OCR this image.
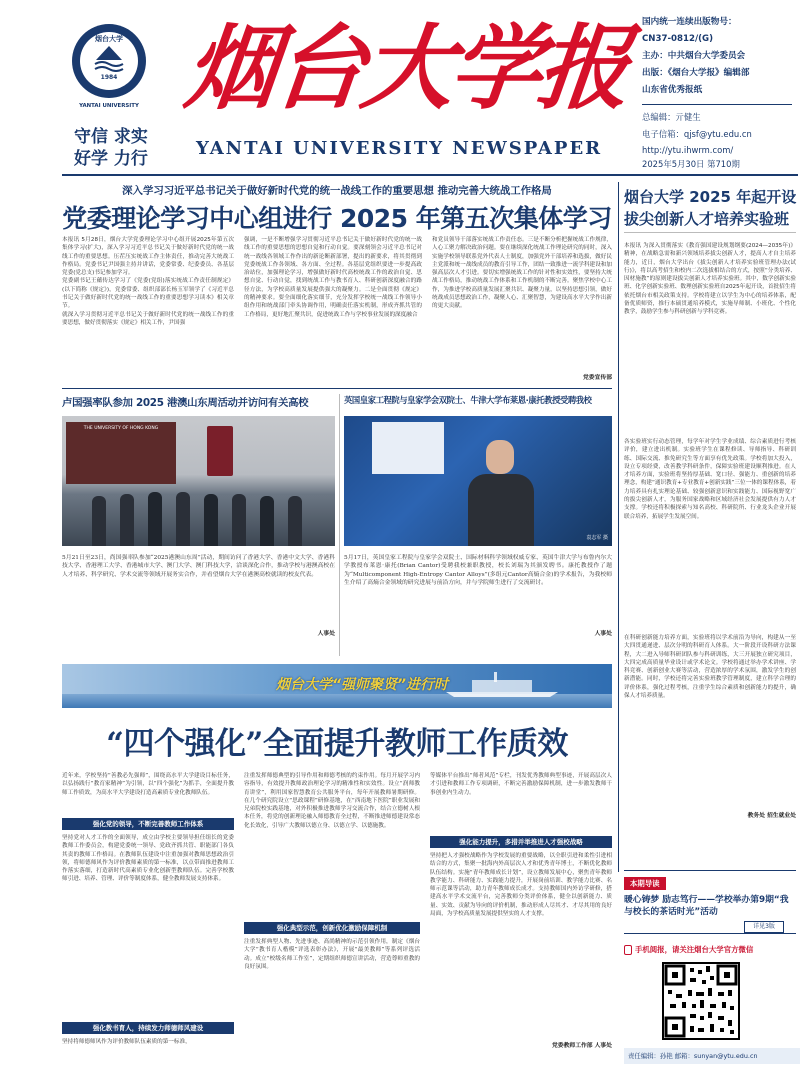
烟台大学
1984
YANTAI UNIVERSITY
守信 求实
好学 力行
烟台大学报
YANTAI UNIVERSITY NEWSPAPER
国内统一连续出版物号：
CN37-0812/(G)
主办：中共烟台大学委员会
出版：《烟台大学报》编辑部
山东省优秀报纸
总编辑：亓健生
电子信箱：qjsf@ytu.edu.cn
http://ytu.ihwrm.com/
2025年5月30日 第710期
深入学习习近平总书记关于做好新时代党的统一战线工作的重要思想 推动完善大统战工作格局
党委理论学习中心组进行 2025 年第五次集体学习
本报讯 5月28日，烟台大学党委理论学习中心组开展2025年第五次集体学习(扩大)，深入学习习近平总书记关于做好新时代党的统一战线工作的重要思想。压茬压实统战工作主体责任，推动完善大统战工作格局。党委书记尹国强主持并讲话，党委常委、纪委委员、各基层党委(党总支)书记参加学习。
党委副书记王蘊传达学习了《党委(党组)落实统战工作责任制规定》(以下简称《规定》)，党委常委、组织部部长杨玉军领学了《习近平总书记关于做好新时代党的统一战线工作的重要思想学习读本》相关章节。
就深入学习贯彻习近平总书记关于做好新时代党的统一战线工作的重要思想，做好贯彻落实《规定》相关工作，尹国强
强调，一是不断增强学习贯彻习近平总书记关于做好新时代党的统一战线工作的重要思想的思想自觉和行动自觉。要深刻领会习近平总书记对统一战线各领域工作作出的新论断新部署，提出的新要求，将其贯彻到党委统战工作各领域、各方面、全过程。各基层党组织要进一步提高政治站位，加强理论学习，增强做好新时代高校统战工作的政治自觉、思想自觉、行动自觉，找到统战工作与教书育人、科研创新深度融合的路径方法，为学校高质量发展提供强大的凝聚力。二是全面贯彻《规定》的精神要求。要全面细化落实细节，充分发挥学校统一战线工作领导小组作用和统战部门牵头协调作用，明确责任落实机制，形成齐抓共管的工作格局，更好地汇聚共识，促进统战工作与学校事业发展的深度融合
和党员领导干部落实统战工作责任态。三是不断分析把握统战工作规律，人心工聚力解决政治问题。要在继续深化统战工作理论研究的同时，深入实施学校领导联系党外代表人士制度，加强党外干部培养和选拔，做好民主党派和统一战线成员的教育引导工作，团结一致推进一流学科建设和加强高层次人才引进。要切实增强统战工作的针对性和实效性，要坚持大统战工作格局，推动统战工作体系和工作机制的不断完善。聚焦学校中心工作，为推进学校高质量发展汇聚共识、凝聚力量，以坚持思想引领，做好统战成员思想政治工作，凝聚人心、汇聚智慧，为建设高水平大学作出新的更大贡献。
党委宣传部
烟台大学 2025 年起开设
拔尖创新人才培养实验班
本报讯 为深入贯彻落实《教育强国建设规划纲要(2024—2035年)》精神，在战略急需和新兴领域培养拔尖创新人才，提高人才自主培养能力，近日，烟台大学出台《拔尖创新人才培养实验班管理办法(试行)》，将以高考招生和校内二次选拔相结合的方式，按照“分类培养、因材施教”的原则建设拔尖创新人才培养实验班。其中，数学创新实验班、化学创新实验班、数理创新实验班自2025年起开设，首批招生将依托烟台市相关政策支持。学校将建立以学生为中心的培养体系，配备优质师资，推行本硕贯通培养模式，实施导师制、小班化、个性化教学，鼓励学生参与科研创新与学科竞赛。
各实验班实行动态管理，每学年对学生学业成绩、综合素质进行考核评价，建立进出机制。实验班学生在课程修读、导师指导、科研训练、国际交流、推免研究生等方面享有优先政策。学校将加大投入，设立专项经费，改善教学科研条件，保障实验班建设顺利推进。在人才培养方面，实验班将坚持厚基础、宽口径、强能力、重创新的培养理念，构建“通识教育+专业教育+创新实践”三位一体的课程体系，着力培养具有扎实理论基础、较强创新意识和实践能力、国际视野宽广的拔尖创新人才，为服务国家战略和区域经济社会发展提供有力人才支撑。学校还将积极探索与知名高校、科研院所、行业龙头企业开展联合培养，拓展学生发展空间。
在科研创新能力培养方面，实验班将以学术前沿为导向，构建从一至大四贯通递进、层次分明的科研育人体系。大一阶段开设科研方法课程，大二进入导师科研团队参与科研训练，大三开展独立研究项目，大四完成高质量毕业设计或学术论文。学校将通过举办学术讲座、学科竞赛、创新创业大赛等活动，营造浓厚的学术氛围，激发学生的创新潜能。同时，学校还将完善实验班教学管理制度，建立科学合理的评价体系，强化过程考核，注重学生综合素质和创新能力的提升，确保人才培养质量。
教务处 招生就业处
卢国强率队参加 2025 港澳山东周活动并访问有关高校
THE UNIVERSITY OF HONG KONG
5月21日至23日，尚国强率队参加“2025港澳山东周”活动，期间访问了香港大学、香港中文大学、香港科技大学、香港理工大学、香港城市大学、澳门大学、澳门科技大学，洽谈深化合作，推动学校与港澳高校在人才培养、科学研究、学术交流等领域开展务实合作，并看望烟台大学在港澳高校就读的校友代表。
人事处
英国皇家工程院与皇家学会双院士、牛津大学布莱恩·康托教授受聘我校
袁志军 摄
5月17日，英国皇家工程院与皇家学会双院士、国际材料科学领域权威专家、英国牛津大学与布鲁内尔大学教授布莱恩·康托(Brian Cantor)受聘我校兼职教授，校长刘瑞为其颁发聘书。康托教授作了题为“Multicomponent High-Entropy Cantor Alloys”(多组元Cantor高熵合金)的学术报告，为我校师生介绍了高熵合金领域的研究进展与前沿方向，并与学院师生进行了交流研讨。
人事处
烟台大学“强师聚贤”进行时
“四个强化”全面提升教师工作质效
近年来，学校坚持“善教必先强师”，围绕高水平大学建设目标任务，以弘扬践行“教育家精神”为引领，以“四个强化”为抓手，全面提升教师工作质效，为高水平大学建设打造高素质专业化教师队伍。
强化党的领导，不断完善教师工作体系
坚持党对人才工作的全面领导，成立由学校主要领导担任组长的党委教师工作委员会，构建党委统一领导、党政齐抓共管、职能部门各负其责的教师工作格局。在教师队伍建设中注重加强对教师思想政治引领，将师德师风作为评价教师素质的第一标准，以点带面推进教师工作落实落细，打造新时代高素质专业化创新型教师队伍。完善学校教师引进、培养、管理、评价等制度体系，健全教师发展支持体系。
强化教书育人，持续发力师德师风建设
坚持将师德师风作为评价教师队伍素质的第一标准，
注重发挥师德典型的引导作用和师德考核的约束作用。每月开展学习内容指导，有效提升教师政治理论学习的精准性和实效性。设立“润师教育讲堂”，利用国家智慧教育公共服务平台，每年开展教师暑期研修。在几个研究院设立“思政课程”研修基地，在“西南地下医院”职业发展和兄弟院校实践基地，对外积极推进教师学习交流合作，结合立德树人根本任务，将党的创新理论融入师德教育全过程，不断推进师德建设常态化长效化，引导广大教师以德立身、以德立学、以德施教。
强化典型示范，创新优化激励保障机制
注重发挥典型人物、先进事迹、高尚精神的示范引领作用，制定《烟台大学“教书育人楷模”评选表彰办法》，开展“最美教师”等系列评选活动。成立“校级名师工作室”，定期组织师德宣讲活动，营造尊师重教的良好氛围。
等媒体平台推出“师者风范”专栏，刊发优秀教师典型事迹，开展高层次人才引进和教师工作专项调研，不断完善激励保障机制，进一步激发教师干事创业内生动力。
强化能力提升，多措并举推进人才强校战略
坚持把人才强校战略作为学校发展的重要战略，以全职引进和柔性引进相结合的方式，集聚一批海内外高层次人才和优秀青年博士，不断优化教师队伍结构。实施“青年教师成长计划”，设立教师发展中心，聚焦青年教师教学能力、科研能力、实践能力提升，开展岗前培训、教学能力比赛、名师示范课等活动，助力青年教师成长成才。支持教师国内外访学研修，搭建高水平学术交流平台，完善教师分类评价体系，健全以创新能力、质量、实效、贡献为导向的评价机制，推动形成人尽其才、才尽其用的良好局面，为学校高质量发展提供坚实的人才支撑。
党委教师工作部 人事处
本期导读
暖心铸梦 励志笃行——学校举办第9期“我与校长的茶话时光”活动
详见3版
手机阅报，请关注烟台大学官方微信
责任编辑：孙艳 邮箱：sunyan@ytu.edu.cn
